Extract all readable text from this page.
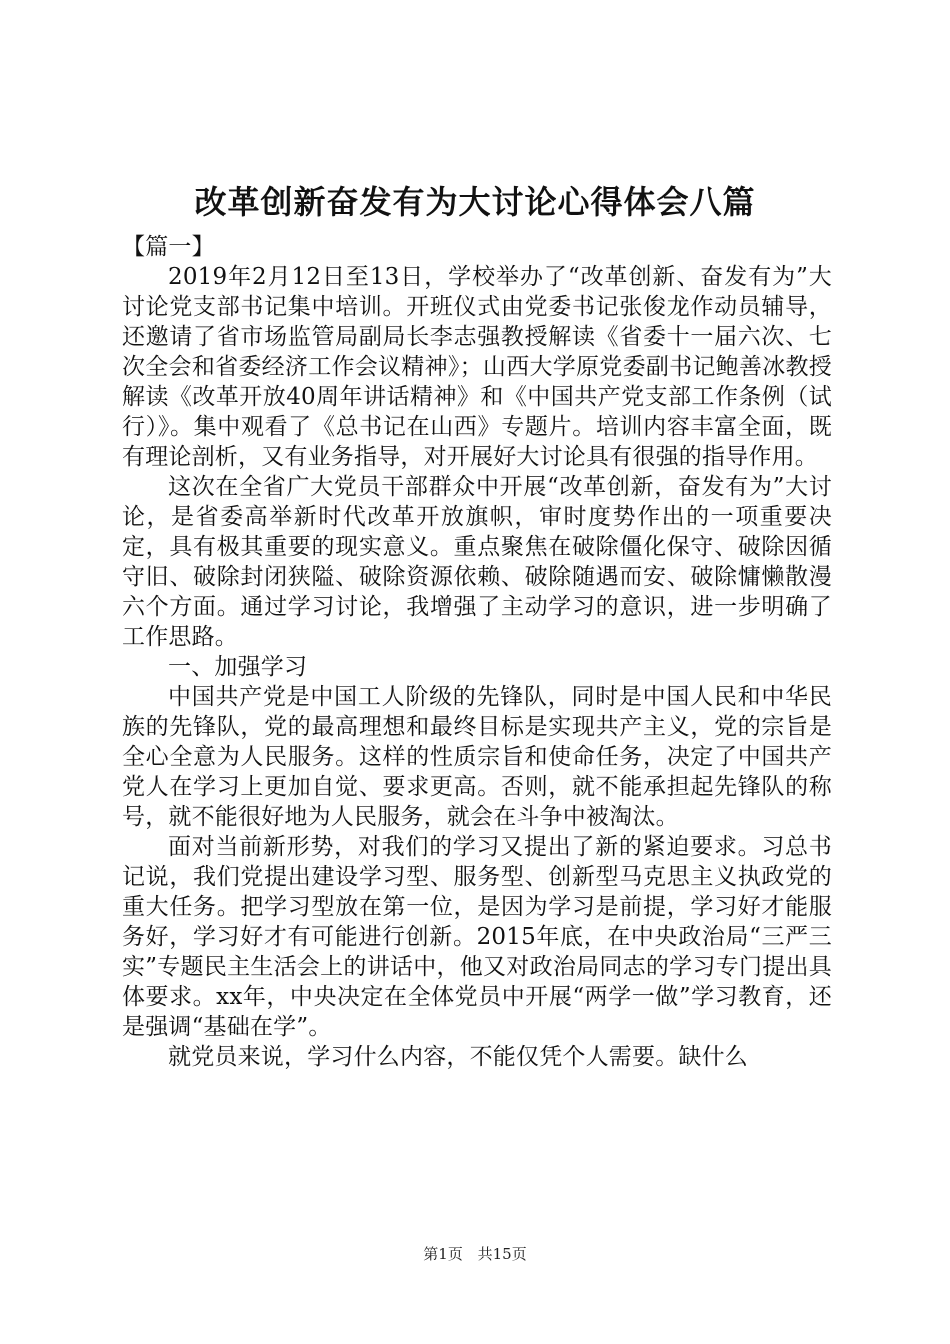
改革创新奋发有为大讨论心得体会八篇

【篇一】

2019年2月12日至13日，学校举办了“改革创新、奋发有为”大讨论党支部书记集中培训。开班仪式由党委书记张俊龙作动员辅导，还邀请了省市场监管局副局长李志强教授解读《省委十一届六次、七次全会和省委经济工作会议精神》；山西大学原党委副书记鲍善冰教授解读《改革开放40周年讲话精神》和《中国共产党支部工作条例（试行）》。集中观看了《总书记在山西》专题片。培训内容丰富全面，既有理论剖析，又有业务指导，对开展好大讨论具有很强的指导作用。

这次在全省广大党员干部群众中开展“改革创新，奋发有为”大讨论，是省委高举新时代改革开放旗帜，审时度势作出的一项重要决定，具有极其重要的现实意义。重点聚焦在破除僵化保守、破除因循守旧、破除封闭狭隘、破除资源依赖、破除随遇而安、破除慵懒散漫六个方面。通过学习讨论，我增强了主动学习的意识，进一步明确了工作思路。

一、加强学习

中国共产党是中国工人阶级的先锋队，同时是中国人民和中华民族的先锋队，党的最高理想和最终目标是实现共产主义，党的宗旨是全心全意为人民服务。这样的性质宗旨和使命任务，决定了中国共产党人在学习上更加自觉、要求更高。否则，就不能承担起先锋队的称号，就不能很好地为人民服务，就会在斗争中被淘汰。

面对当前新形势，对我们的学习又提出了新的紧迫要求。习总书记说，我们党提出建设学习型、服务型、创新型马克思主义执政党的重大任务。把学习型放在第一位，是因为学习是前提，学习好才能服务好，学习好才有可能进行创新。2015年底，在中央政治局“三严三实”专题民主生活会上的讲话中，他又对政治局同志的学习专门提出具体要求。xx年，中央决定在全体党员中开展“两学一做”学习教育，还是强调“基础在学”。

就党员来说，学习什么内容，不能仅凭个人需要。缺什么

第1页 共15页
